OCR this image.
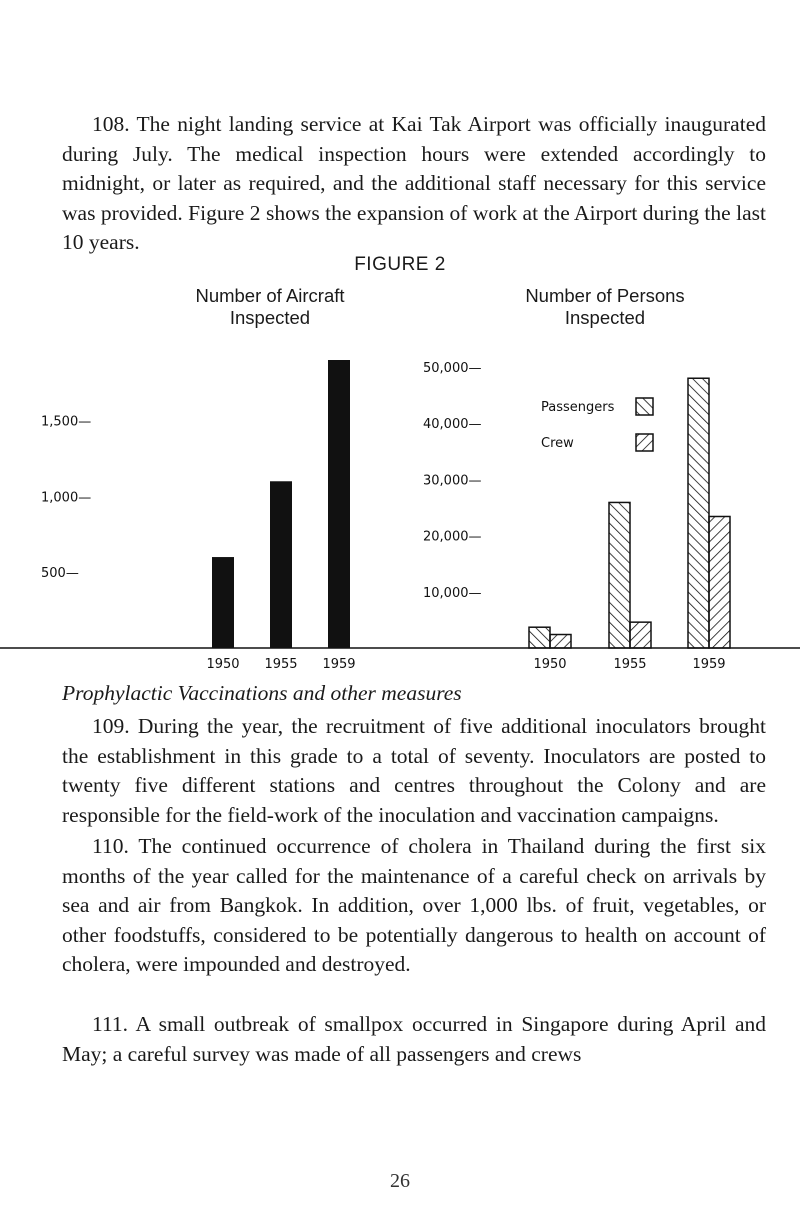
108. The night landing service at Kai Tak Airport was officially inaugurated during July. The medical inspection hours were extended accordingly to midnight, or later as required, and the additional staff necessary for this service was provided. Figure 2 shows the expansion of work at the Airport during the last 10 years.

FIGURE 2
Number of Aircraft
Inspected
Number of Persons
Inspected
500—
1,000—
1,500—
1950 1955 1959
10,000—
20,000—
30,000—
40,000—
50,000—
1950	1955	1959
Passengers
Crew
Prophylactic Vaccinations and other measures

109. During the year, the recruitment of five additional inoculators brought the establishment in this grade to a total of seventy. Inoculators are posted to twenty five different stations and centres throughout the Colony and are responsible for the field-work of the inoculation and vaccination campaigns.

110. The continued occurrence of cholera in Thailand during the first six months of the year called for the maintenance of a careful check on arrivals by sea and air from Bangkok. In addition, over 1,000 lbs. of fruit, vegetables, or other foodstuffs, considered to be potentially dangerous to health on account of cholera, were impounded and destroyed.

111. A small outbreak of smallpox occurred in Singapore during April and May; a careful survey was made of all passengers and crews

26
